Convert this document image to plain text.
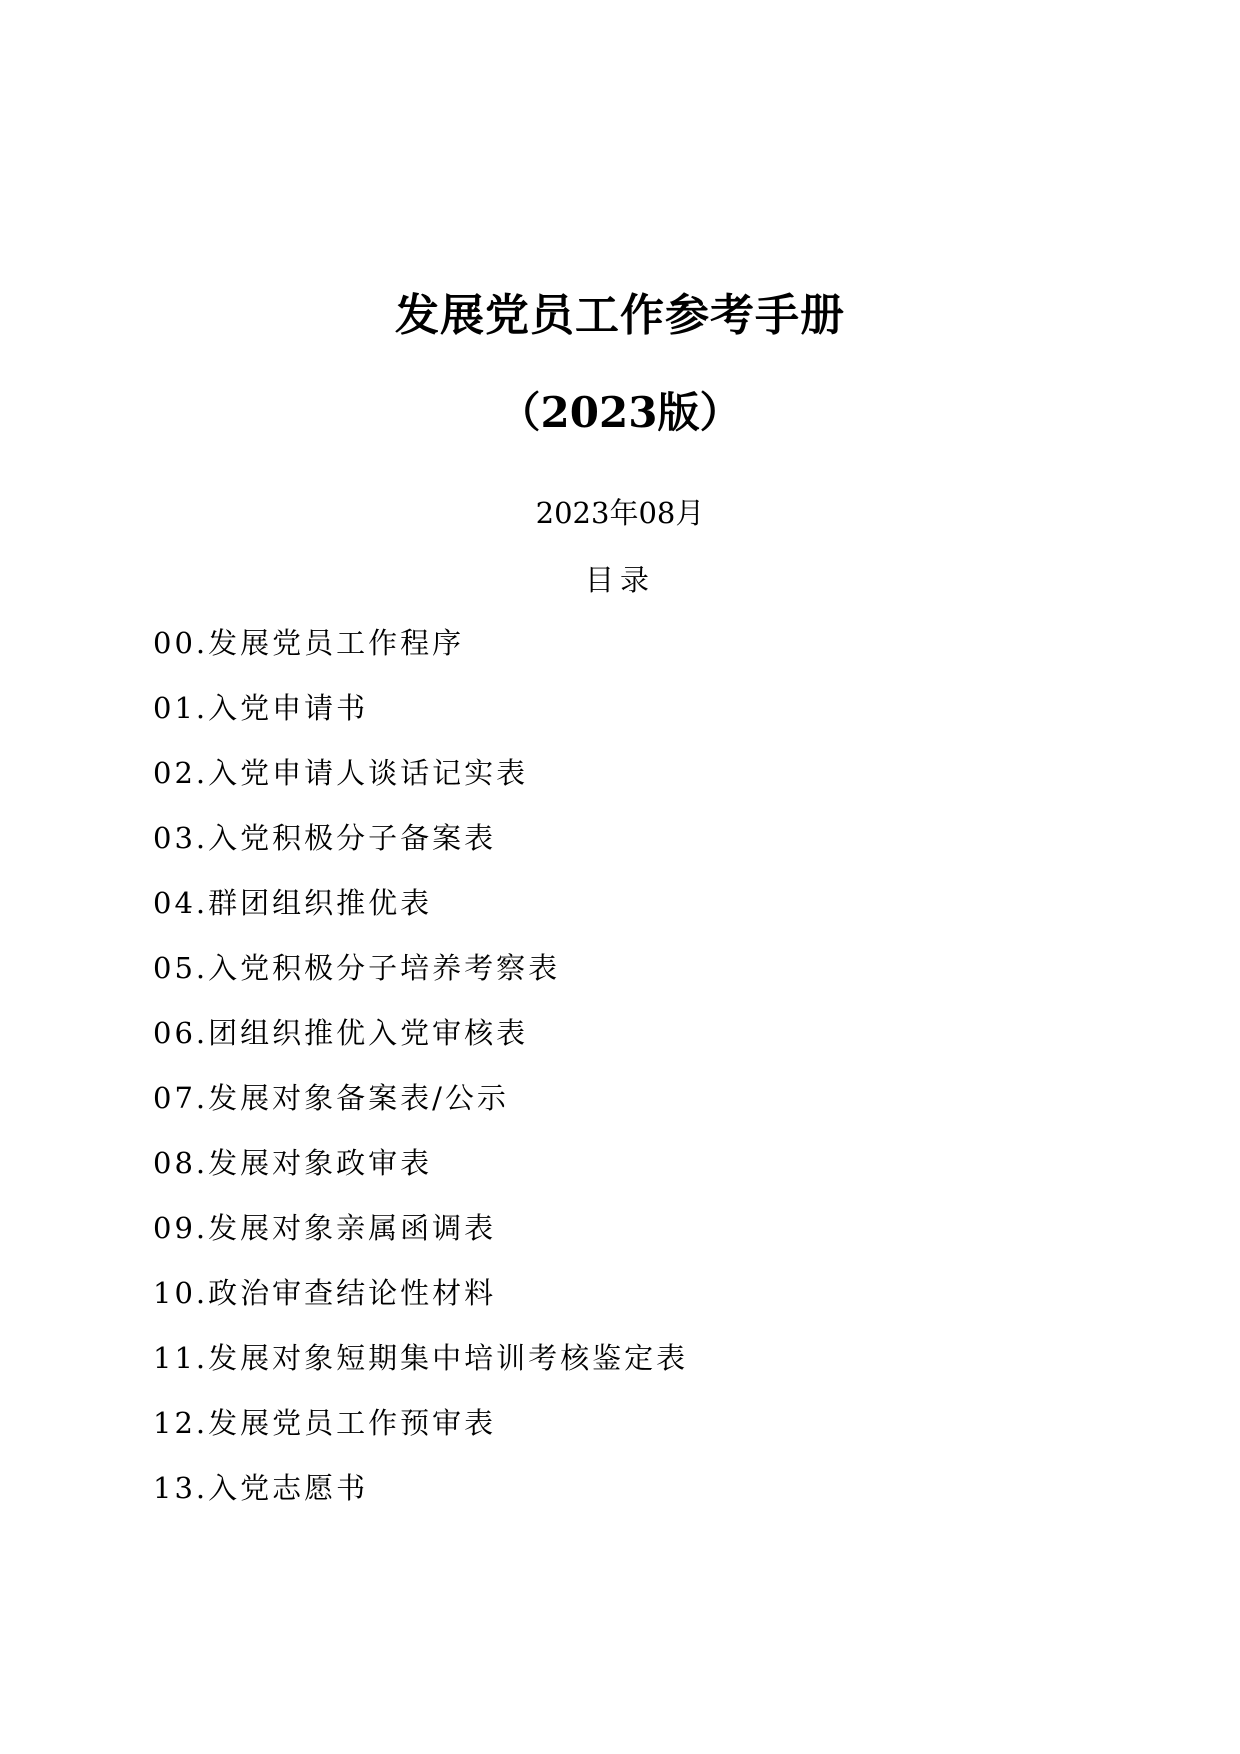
发展党员工作参考手册
（2023版）
2023年08月
目录
00.发展党员工作程序
01.入党申请书
02.入党申请人谈话记实表
03.入党积极分子备案表
04.群团组织推优表
05.入党积极分子培养考察表
06.团组织推优入党审核表
07.发展对象备案表/公示
08.发展对象政审表
09.发展对象亲属函调表
10.政治审查结论性材料
11.发展对象短期集中培训考核鉴定表
12.发展党员工作预审表
13.入党志愿书
